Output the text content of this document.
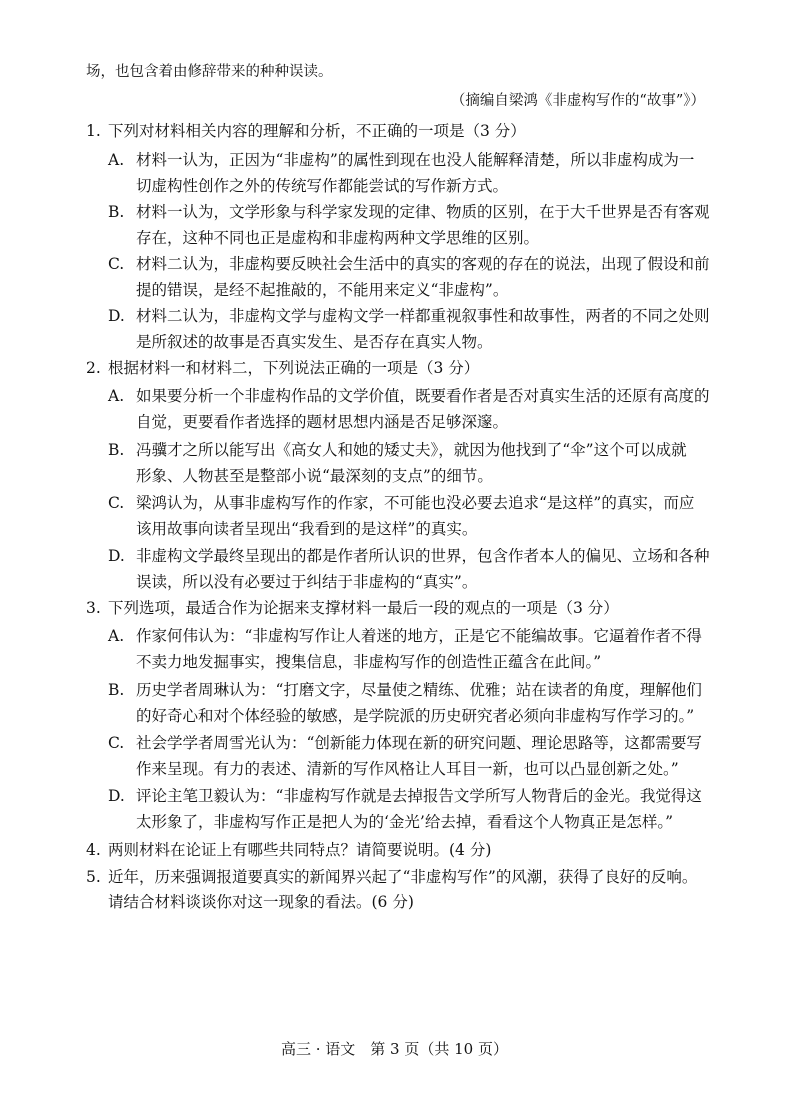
场，也包含着由修辞带来的种种误读。
（摘编自梁鸿《非虚构写作的“故事”》）
1. 下列对材料相关内容的理解和分析，不正确的一项是（3 分）
A. 材料一认为，正因为“非虚构”的属性到现在也没人能解释清楚，所以非虚构成为一
切虚构性创作之外的传统写作都能尝试的写作新方式。
B. 材料一认为，文学形象与科学家发现的定律、物质的区别，在于大千世界是否有客观
存在，这种不同也正是虚构和非虚构两种文学思维的区别。
C. 材料二认为，非虚构要反映社会生活中的真实的客观的存在的说法，出现了假设和前
提的错误，是经不起推敲的，不能用来定义“非虚构”。
D. 材料二认为，非虚构文学与虚构文学一样都重视叙事性和故事性，两者的不同之处则
是所叙述的故事是否真实发生、是否存在真实人物。
2. 根据材料一和材料二，下列说法正确的一项是（3 分）
A. 如果要分析一个非虚构作品的文学价值，既要看作者是否对真实生活的还原有高度的
自觉，更要看作者选择的题材思想内涵是否足够深邃。
B. 冯骥才之所以能写出《高女人和她的矮丈夫》，就因为他找到了“伞”这个可以成就
形象、人物甚至是整部小说“最深刻的支点”的细节。
C. 梁鸿认为，从事非虚构写作的作家，不可能也没必要去追求“是这样”的真实，而应
该用故事向读者呈现出“我看到的是这样”的真实。
D. 非虚构文学最终呈现出的都是作者所认识的世界，包含作者本人的偏见、立场和各种
误读，所以没有必要过于纠结于非虚构的“真实”。
3. 下列选项，最适合作为论据来支撑材料一最后一段的观点的一项是（3 分）
A. 作家何伟认为：“非虚构写作让人着迷的地方，正是它不能编故事。它逼着作者不得
不卖力地发掘事实，搜集信息，非虚构写作的创造性正蕴含在此间。”
B. 历史学者周琳认为：“打磨文字，尽量使之精练、优雅；站在读者的角度，理解他们
的好奇心和对个体经验的敏感，是学院派的历史研究者必须向非虚构写作学习的。”
C. 社会学学者周雪光认为：“创新能力体现在新的研究问题、理论思路等，这都需要写
作来呈现。有力的表述、清新的写作风格让人耳目一新，也可以凸显创新之处。”
D. 评论主笔卫毅认为：“非虚构写作就是去掉报告文学所写人物背后的金光。我觉得这
太形象了，非虚构写作正是把人为的‘金光’给去掉，看看这个人物真正是怎样。”
4. 两则材料在论证上有哪些共同特点？请简要说明。(4 分)
5. 近年，历来强调报道要真实的新闻界兴起了“非虚构写作”的风潮，获得了良好的反响。
请结合材料谈谈你对这一现象的看法。(6 分)
高三 · 语文　第 3 页（共 10 页）
